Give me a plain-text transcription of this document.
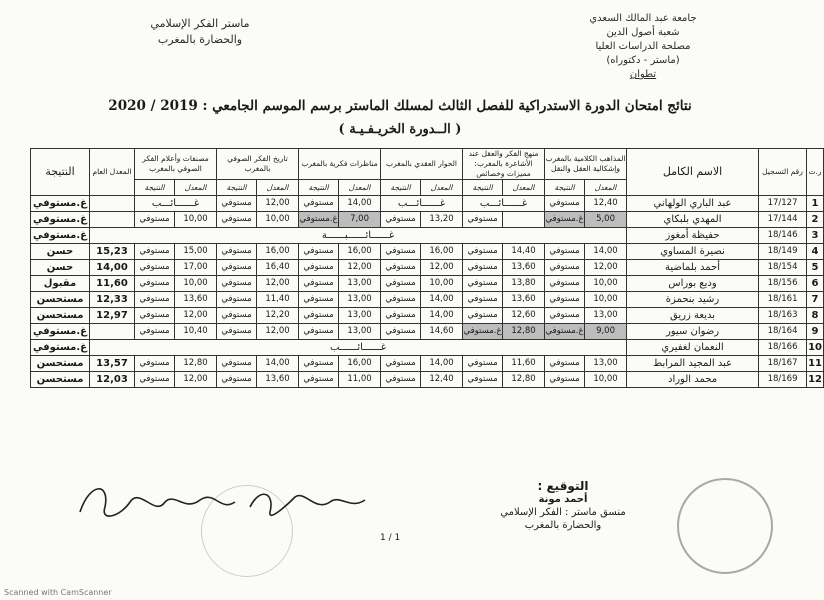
جامعة عبد المالك السعدي
شعبة أصول الدين
مصلحة الدراسات العليا
(ماستر - دكتوراه)
تطوان
ماستر الفكر الإسلامي
والحضارة بالمغرب
نتائج امتحان الدورة الاستدراكية للفصل الثالث لمسلك الماستر برسم الموسم الجامعي : 2019 / 2020
( الــدورة الخريـفـيـة )
ر.ت	رقم التسجيل	الاسم الكامل	المذاهب الكلامية بالمغرب وإشكالية العقل والنقل		منهج الفكر والعقل عند الأشاعرة بالمغرب: مميزات وخصائص		الحوار العقدي بالمغرب		مناظرات فكرية بالمغرب		تاريخ الفكر الصوفي بالمغرب		مصنفات وأعلام الفكر الصوفي بالمغرب		المعدل العام	النتيجة
			المعدل	النتيجة	المعدل	النتيجة	المعدل	النتيجة	المعدل	النتيجة	المعدل	النتيجة	المعدل	النتيجة		
1	17/127	عبد الباري الولهاني	12,40	مستوفي	غــــــائـــب		غــــــائـــب		14,00	مستوفي	12,00	مستوفي	غــــــائـــب			غ.مستوفي
2	17/144	المهدي بلبكاي	5,00	غ.مستوفي		مستوفي	13,20	مستوفي	7,00	غ.مستوفي	10,00	مستوفي	10,00	مستوفي		غ.مستوفي
3	18/146	حفيظة أمغوز	غــــــائــــــبــــــة													غ.مستوفي
4	18/149	نصيرة المساوي	14,00	مستوفي	14,40	مستوفي	16,00	مستوفي	16,00	مستوفي	16,00	مستوفي	15,00	مستوفي	15,23	حسن
5	18/154	أحمد بلماضية	12,00	مستوفي	13,60	مستوفي	12,00	مستوفي	12,00	مستوفي	16,40	مستوفي	17,00	مستوفي	14,00	حسن
6	18/156	وديع بوراس	10,00	مستوفي	13,80	مستوفي	10,00	مستوفي	13,00	مستوفي	12,00	مستوفي	10,00	مستوفي	11,60	مقبول
7	18/161	رشيد بنحمزة	10,00	مستوفي	13,60	مستوفي	14,00	مستوفي	13,00	مستوفي	11,40	مستوفي	13,60	مستوفي	12,33	مستحسن
8	18/163	بديعة زريق	13,00	مستوفي	12,60	مستوفي	14,00	مستوفي	13,00	مستوفي	12,20	مستوفي	12,00	مستوفي	12,97	مستحسن
9	18/164	رضوان سيور	9,00	غ.مستوفي	12,80	غ.مستوفي	14,60	مستوفي	13,00	مستوفي	12,00	مستوفي	10,40	مستوفي		غ.مستوفي
10	18/166	النعمان لغفيري	غــــــائــــــب													غ.مستوفي
11	18/167	عبد المجيد المرابط	13,00	مستوفي	11,60	مستوفي	14,00	مستوفي	16,00	مستوفي	14,00	مستوفي	12,80	مستوفي	13,57	مستحسن
12	18/169	محمد الوراد	10,00	مستوفي	12,80	مستوفي	12,40	مستوفي	11,00	مستوفي	13,60	مستوفي	12,00	مستوفي	12,03	مستحسن
التوقيع :
أحمد مونة
منسق ماستر : الفكر الإسلامي
والحضارة بالمغرب
1 / 1
Scanned with CamScanner
